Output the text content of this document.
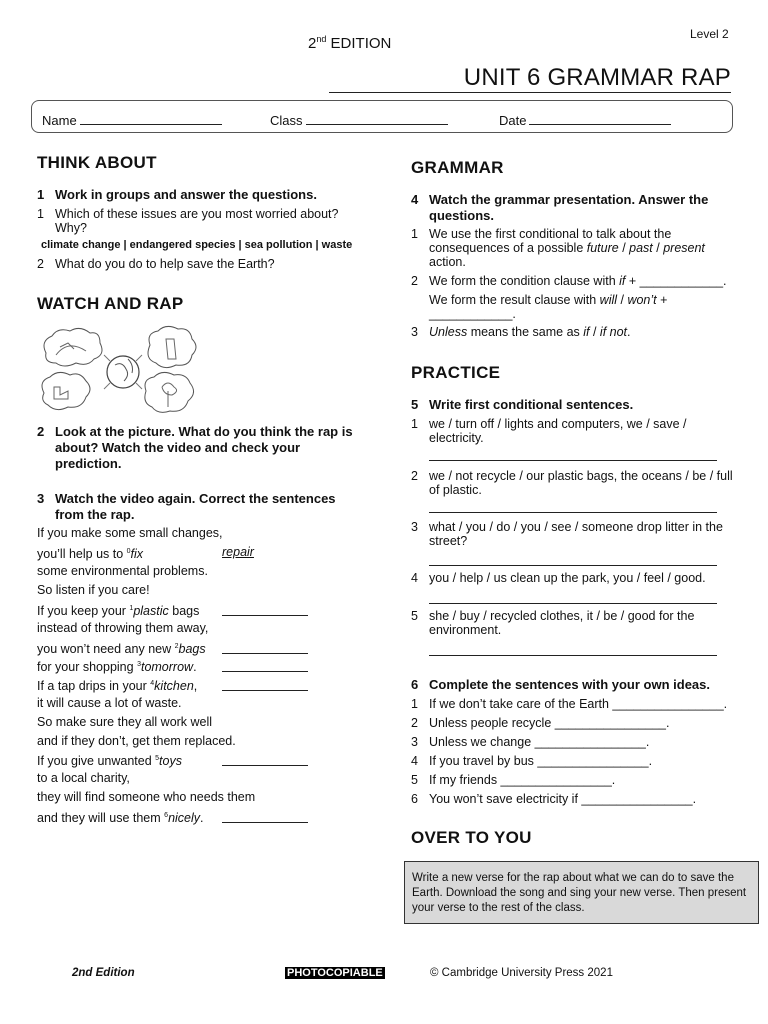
2nd EDITION
Level 2
UNIT 6 GRAMMAR RAP
Name	Class	Date
THINK ABOUT
1 Work in groups and answer the questions.
1 Which of these issues are you most worried about? Why?
climate change | endangered species | sea pollution | waste
2 What do you do to help save the Earth?
WATCH AND RAP
2 Look at the picture. What do you think the rap is about? Watch the video and check your prediction.
3 Watch the video again. Correct the sentences from the rap.
If you make some small changes,
you’ll help us to $^0$fix	repair
some environmental problems.
So listen if you care!
If you keep your $^1$plastic bags
instead of throwing them away,
you won’t need any new $^2$bags
for your shopping $^3$tomorrow.
If a tap drips in your $^4$kitchen,
it will cause a lot of waste.
So make sure they all work well
and if they don’t, get them replaced.
If you give unwanted $^5$toys
to a local charity,
they will find someone who needs them
and they will use them $^6$nicely.
GRAMMAR
4 Watch the grammar presentation. Answer the questions.
1 We use the first conditional to talk about the consequences of a possible future / past / present action.
2 We form the condition clause with if + ____________.
We form the result clause with will / won’t + ____________.
3 Unless means the same as if / if not.
PRACTICE
5 Write first conditional sentences.
1 we / turn off / lights and computers, we / save / electricity.
2 we / not recycle / our plastic bags, the oceans / be / full of plastic.
3 what / you / do / you / see / someone drop litter in the street?
4 you / help / us clean up the park, you / feel / good.
5 she / buy / recycled clothes, it / be / good for the environment.
6 Complete the sentences with your own ideas.
1 If we don’t take care of the Earth ________________.
2 Unless people recycle ________________.
3 Unless we change ________________.
4 If you travel by bus ________________.
5 If my friends ________________.
6 You won’t save electricity if ________________.
OVER TO YOU
Write a new verse for the rap about what we can do to save the Earth. Download the song and sing your new verse. Then present your verse to the rest of the class.
2nd Edition	PHOTOCOPIABLE	© Cambridge University Press 2021
